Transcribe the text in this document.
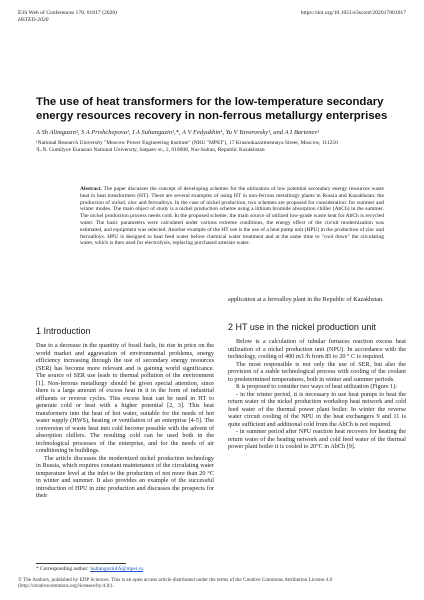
E3S Web of Conferences 178, 01017 (2020)	https://doi.org/10.1051/e3sconf/202017801017
HSTED-2020
The use of heat transformers for the low-temperature secondary energy resources recovery in non-ferrous metallurgy enterprises
A Sh Alimgazin², S A Prishchepova¹, I A Sultanguzin¹,*, A V Fedyukhin¹, Yu V Yavorovsky¹, and A I Bartenev¹
¹National Research University "Moscow Power Engineering Institute" (NRU "MPEI"), 17 Krasnokazarmennaya Street, Moscow, 111250
²L.N. Gumilyov Eurasian National University, Satpaev st., 2, 010008, Nur-Sultan, Republic Kazakhstan
Abstract. The paper discusses the concept of developing schemes for the utilization of low potential secondary energy resources waste heat in heat transformers (HT). There are several examples of using HT in non-ferrous metallurgy plants in Russia and Kazakhstan: the production of nickel, zinc and ferroalloys. In the case of nickel production, two schemes are proposed for consideration: for summer and winter modes. The main object of study is a nickel production scheme using a lithium bromide absorption chiller (AbCh) in the summer. The nickel production process needs cold. In the proposed scheme, the main source of utilized low-grade waste heat for AbCh is recycled water. The basic parameters were calculated under various extreme conditions, the energy effect of the circuit modernization was estimated, and equipment was selected. Another example of the HT use is the use of a heat pump unit (HPU) in the production of zinc and ferroalloys. HPU is designed to heat feed water before chemical water treatment and at the same time to "cool down" the circulating water, which is then used for electrolysis, replacing purchased artesian water.
1 Introduction

Due to a decrease in the quantity of fossil fuels, its rise in price on the world market and aggravation of environmental problems, energy efficiency increasing through the use of secondary energy resources (SER) has become more relevant and is gaining world significance. The source of SER use leads to thermal pollution of the environment [1]. Non-ferrous metallurgy should be given special attention, since there is a large amount of excess heat in it in the form of industrial effluents or reverse cycles. This excess heat can be used in HT to generate cold or heat with a higher potential [2, 3]. This heat transformers into the heat of hot water, suitable for the needs of hot water supply (HWS), heating or ventilation of an enterprise [4-5]. The conversion of waste heat into cold become possible with the advent of absorption chillers. The resulting cold can be used both in the technological processes of the enterprise, and for the needs of air conditioning in buildings.

The article discusses the modernized nickel production technology in Russia, which requires constant maintenance of the circulating water temperature level at the inlet to the production of not more than 20 °C in winter and summer. It also provides an example of the successful introduction of HPU in zinc production and discusses the prospects for their

application at a ferroalloy plant in the Republic of Kazakhstan.
2 HT use in the nickel production unit

Below is a calculation of tubular furnaces reaction excess heat utilization of a nickel production unit (NPU). In accordance with the technology, cooling of 400 m3 /h from 85 to 20 ° C is required.

The most responsible is not only the use of SER, but also the provision of a stable technological process with cooling of the coolant to predetermined temperatures, both in winter and summer periods.

It is proposed to consider two ways of heat utilization (Figure 1):

- in the winter period, it is necessary to use heat pumps to heat the return water of the nickel production workshop heat network and cold feed water of the thermal power plant boiler. In winter the reverse water circuit cooling of the NPU in the heat exchangers 9 and 11 is quite sufficient and additional cold from the AbCh is not required.

- in summer period after NPU reaction heat recovers for heating the return water of the heating network and cold feed water of the thermal power plant boiler it is cooled to 20°C in AbCh [9].

* Corresponding author: SultanguzinIA@mpei.ru
© The Authors, published by EDP Sciences. This is an open access article distributed under the terms of the Creative Commons Attribution License 4.0 (http://creativecommons.org/licenses/by/4.0/).
